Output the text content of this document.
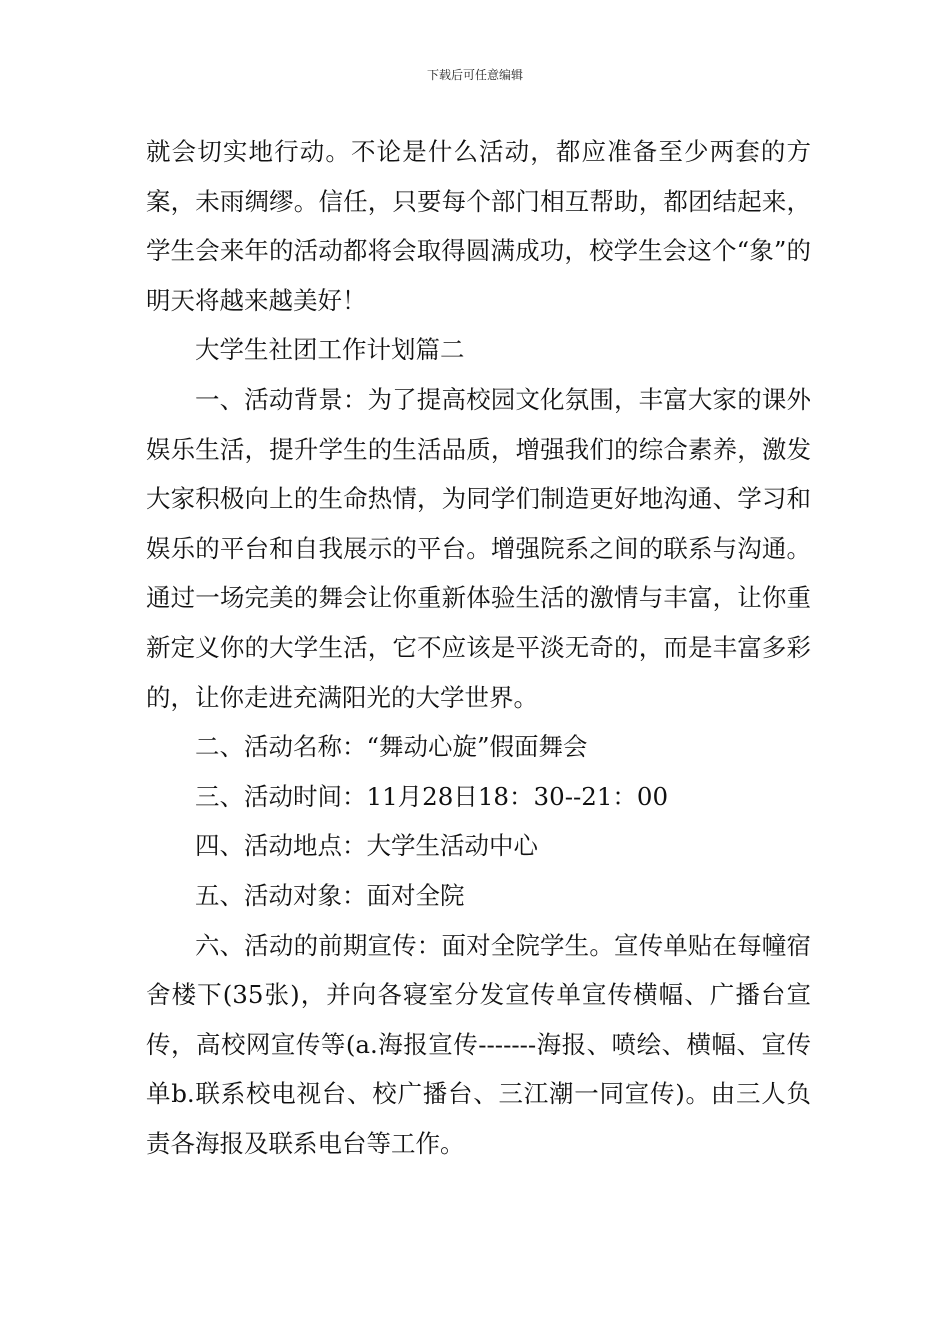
下载后可任意编辑

就会切实地行动。不论是什么活动，都应准备至少两套的方案，未雨绸缪。信任，只要每个部门相互帮助，都团结起来，学生会来年的活动都将会取得圆满成功，校学生会这个“象”的明天将越来越美好！

大学生社团工作计划篇二

一、活动背景：为了提高校园文化氛围，丰富大家的课外娱乐生活，提升学生的生活品质，增强我们的综合素养，激发大家积极向上的生命热情，为同学们制造更好地沟通、学习和娱乐的平台和自我展示的平台。增强院系之间的联系与沟通。通过一场完美的舞会让你重新体验生活的激情与丰富，让你重新定义你的大学生活，它不应该是平淡无奇的，而是丰富多彩的，让你走进充满阳光的大学世界。

二、活动名称：“舞动心旋”假面舞会

三、活动时间：11月28日18：30--21：00

四、活动地点：大学生活动中心

五、活动对象：面对全院

六、活动的前期宣传：面对全院学生。宣传单贴在每幢宿舍楼下(35张)，并向各寝室分发宣传单宣传横幅、广播台宣传，高校网宣传等(a.海报宣传-------海报、喷绘、横幅、宣传单b.联系校电视台、校广播台、三江潮一同宣传)。由三人负责各海报及联系电台等工作。
